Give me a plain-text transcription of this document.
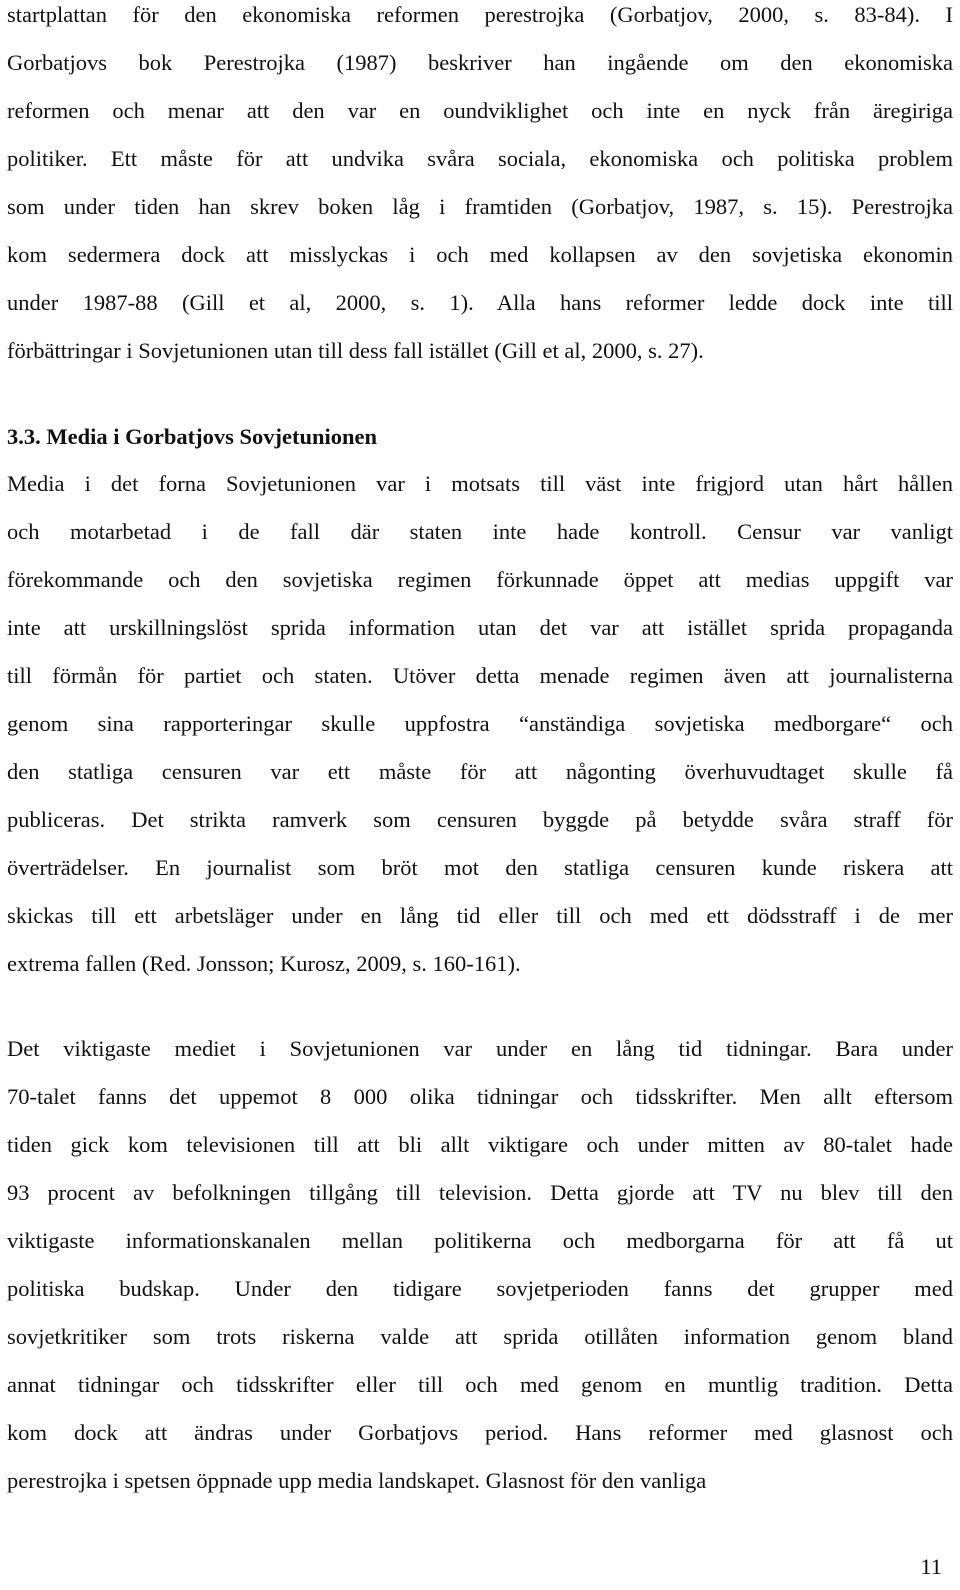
startplattan för den ekonomiska reformen perestrojka (Gorbatjov, 2000, s. 83-84). I
Gorbatjovs bok Perestrojka (1987) beskriver han ingående om den ekonomiska
reformen och menar att den var en oundviklighet och inte en nyck från äregiriga
politiker. Ett måste för att undvika svåra sociala, ekonomiska och politiska problem
som under tiden han skrev boken låg i framtiden (Gorbatjov, 1987, s. 15). Perestrojka
kom sedermera dock att misslyckas i och med kollapsen av den sovjetiska ekonomin
under 1987-88 (Gill et al, 2000, s. 1). Alla hans reformer ledde dock inte till
förbättringar i Sovjetunionen utan till dess fall istället (Gill et al, 2000, s. 27).
3.3. Media i Gorbatjovs Sovjetunionen
Media i det forna Sovjetunionen var i motsats till väst inte frigjord utan hårt hållen
och motarbetad i de fall där staten inte hade kontroll. Censur var vanligt
förekommande och den sovjetiska regimen förkunnade öppet att medias uppgift var
inte att urskillningslöst sprida information utan det var att istället sprida propaganda
till förmån för partiet och staten. Utöver detta menade regimen även att journalisterna
genom sina rapporteringar skulle uppfostra “anständiga sovjetiska medborgare“ och
den statliga censuren var ett måste för att någonting överhuvudtaget skulle få
publiceras. Det strikta ramverk som censuren byggde på betydde svåra straff för
överträdelser. En journalist som bröt mot den statliga censuren kunde riskera att
skickas till ett arbetsläger under en lång tid eller till och med ett dödsstraff i de mer
extrema fallen (Red. Jonsson; Kurosz, 2009, s. 160-161).
Det viktigaste mediet i Sovjetunionen var under en lång tid tidningar. Bara under
70-talet fanns det uppemot 8 000 olika tidningar och tidsskrifter. Men allt eftersom
tiden gick kom televisionen till att bli allt viktigare och under mitten av 80-talet hade
93 procent av befolkningen tillgång till television. Detta gjorde att TV nu blev till den
viktigaste informationskanalen mellan politikerna och medborgarna för att få ut
politiska budskap. Under den tidigare sovjetperioden fanns det grupper med
sovjetkritiker som trots riskerna valde att sprida otillåten information genom bland
annat tidningar och tidsskrifter eller till och med genom en muntlig tradition. Detta
kom dock att ändras under Gorbatjovs period. Hans reformer med glasnost och
perestrojka i spetsen öppnade upp media landskapet. Glasnost för den vanliga
11
